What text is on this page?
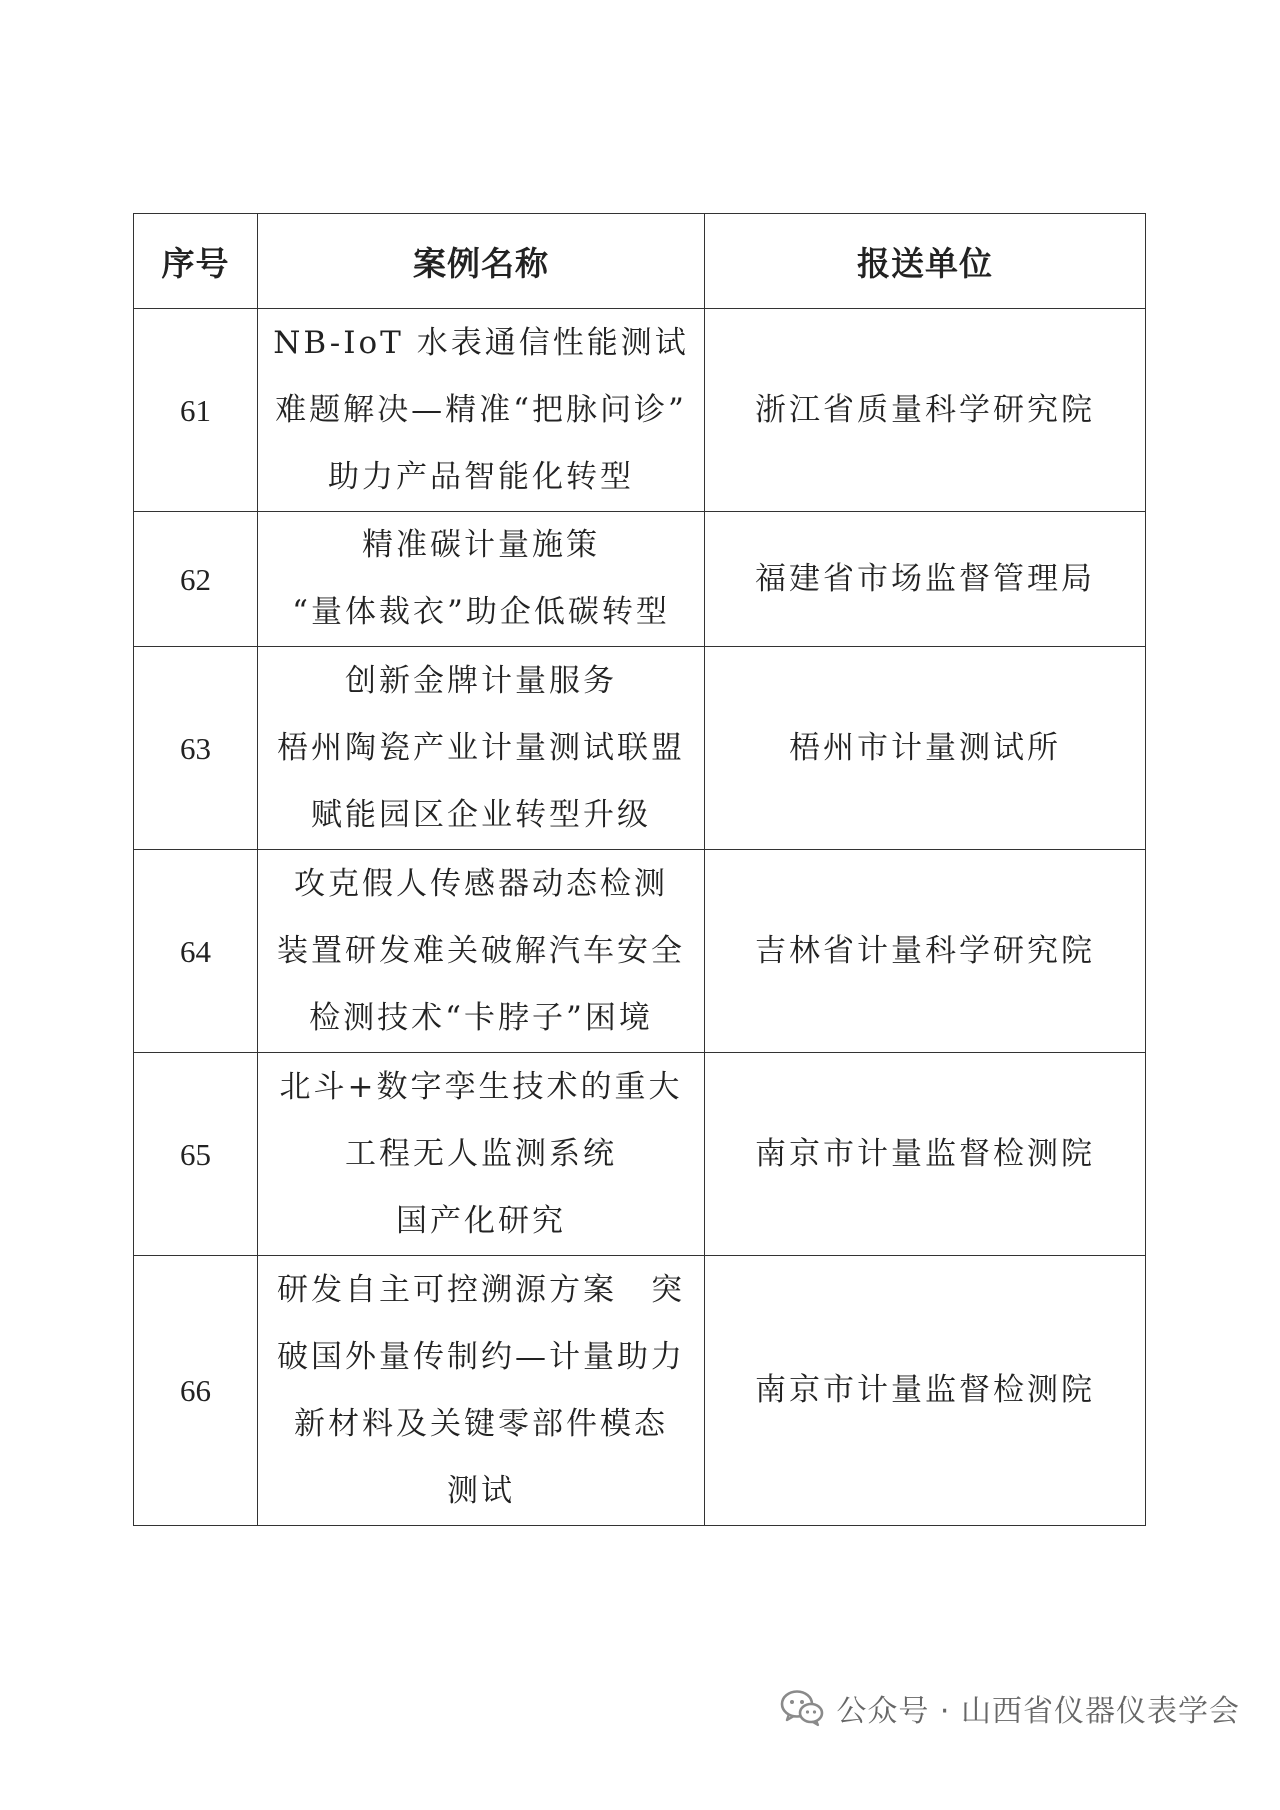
序号	案例名称	报送单位
61	NB-IoT 水表通信性能测试
难题解决—精准“把脉问诊”
助力产品智能化转型	浙江省质量科学研究院
62	精准碳计量施策
“量体裁衣”助企低碳转型	福建省市场监督管理局
63	创新金牌计量服务
梧州陶瓷产业计量测试联盟
赋能园区企业转型升级	梧州市计量测试所
64	攻克假人传感器动态检测
装置研发难关破解汽车安全
检测技术“卡脖子”困境	吉林省计量科学研究院
65	北斗+数字孪生技术的重大
工程无人监测系统
国产化研究	南京市计量监督检测院
66	研发自主可控溯源方案　突
破国外量传制约—计量助力
新材料及关键零部件模态
测试	南京市计量监督检测院
公众号 · 山西省仪器仪表学会
